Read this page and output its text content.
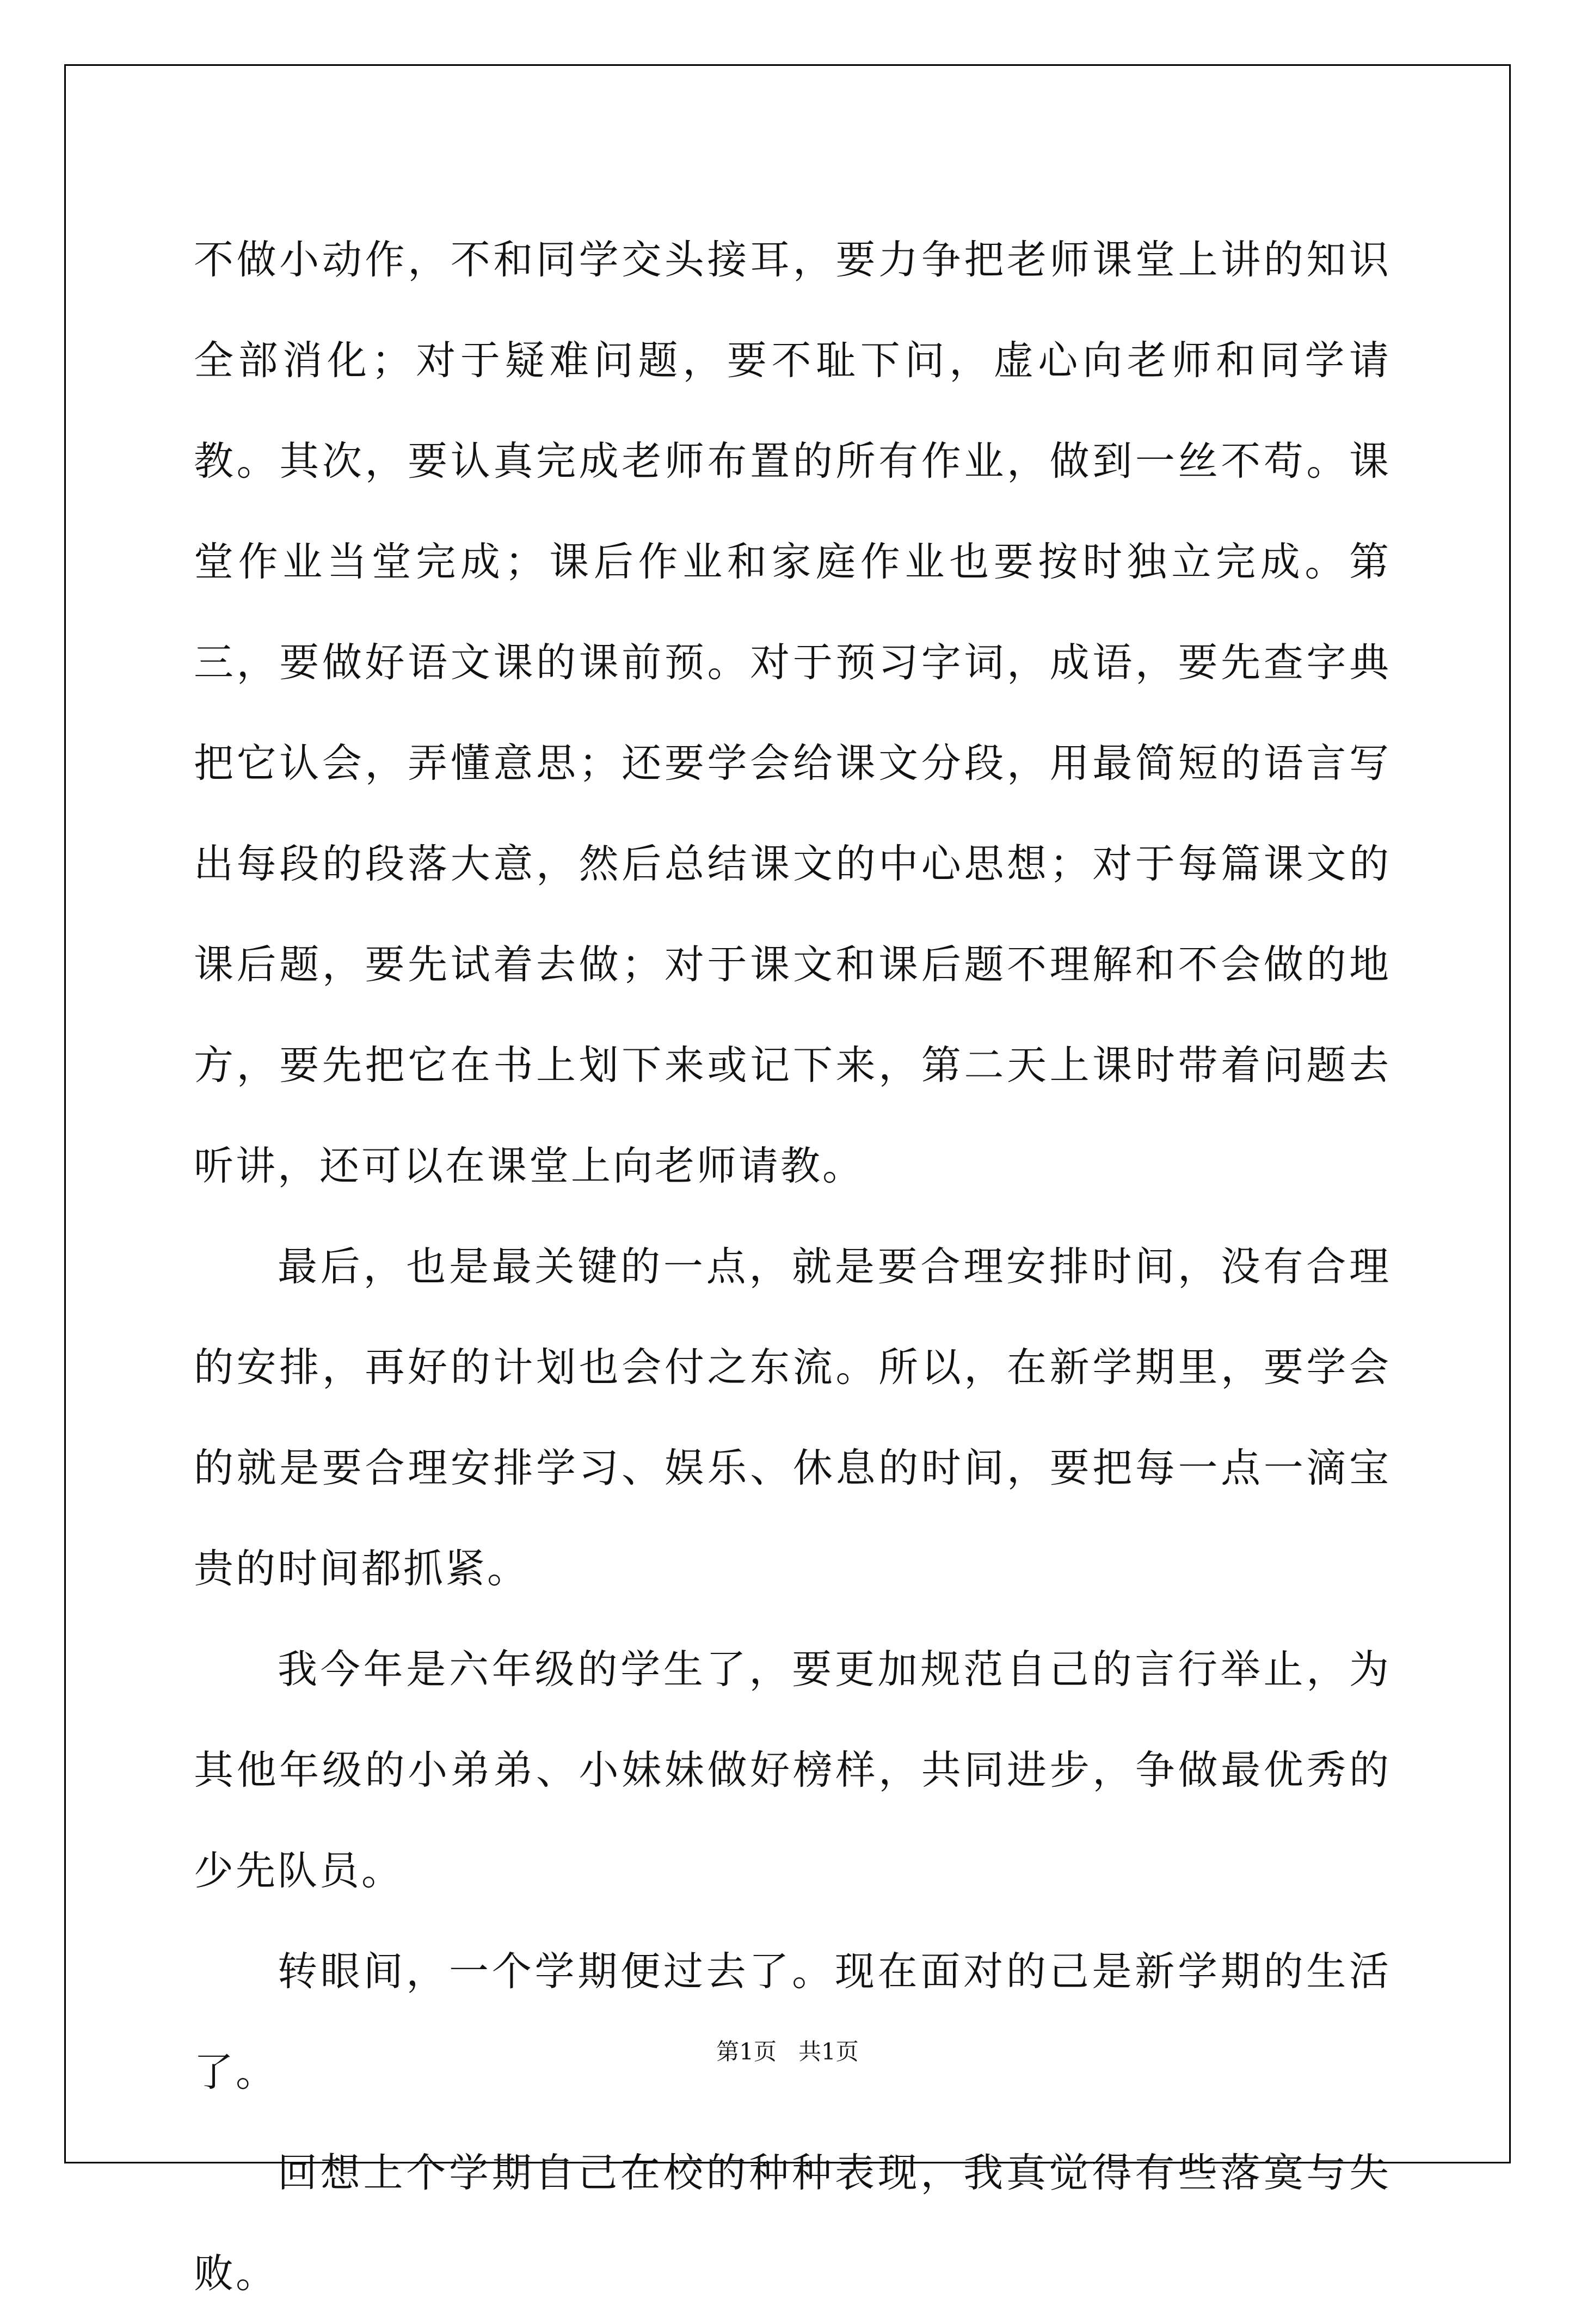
不做小动作，不和同学交头接耳，要力争把老师课堂上讲的知识全部消化；对于疑难问题，要不耻下问，虚心向老师和同学请教。其次，要认真完成老师布置的所有作业，做到一丝不苟。课堂作业当堂完成；课后作业和家庭作业也要按时独立完成。第三，要做好语文课的课前预。对于预习字词，成语，要先查字典把它认会，弄懂意思；还要学会给课文分段，用最简短的语言写出每段的段落大意，然后总结课文的中心思想；对于每篇课文的课后题，要先试着去做；对于课文和课后题不理解和不会做的地方，要先把它在书上划下来或记下来，第二天上课时带着问题去听讲，还可以在课堂上向老师请教。

最后，也是最关键的一点，就是要合理安排时间，没有合理的安排，再好的计划也会付之东流。所以，在新学期里，要学会的就是要合理安排学习、娱乐、休息的时间，要把每一点一滴宝贵的时间都抓紧。

我今年是六年级的学生了，要更加规范自己的言行举止，为其他年级的小弟弟、小妹妹做好榜样，共同进步，争做最优秀的少先队员。

转眼间，一个学期便过去了。现在面对的己是新学期的生活了。

回想上个学期自己在校的种种表现，我真觉得有些落寞与失败。

第1页 共1页
